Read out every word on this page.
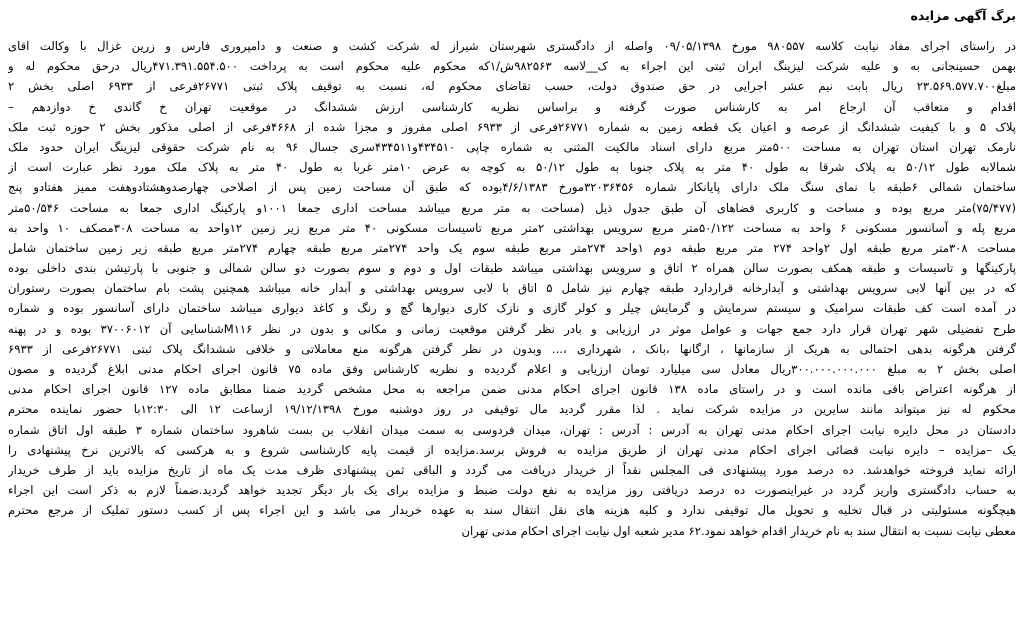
برگ آگهی مزایده
در راستای اجرای مفاد نیابت کلاسه ۹۸۰۵۵۷ مورخ ۰۹/۰۵/۱۳۹۸ واصله از دادگستری شهرستان شیراز له شرکت کشت و صنعت و دامپروری فارس و زرین غزال با وکالت اقای
بهمن حسینجانی به و علیه شرکت لیزینگ ایران ثبتی این اجراء به ک__لاسه ۹۸۲۵۶۳ش/۱که محکوم علیه محکوم است به پرداخت ۴۷۱.۳۹۱.۵۵۴.۵۰۰ریال درحق محکوم له و
مبلغ۲۳.۵۶۹.۵۷۷.۷۰۰ ریال بابت نیم عشر اجرایی در حق صندوق دولت، حسب تقاضای محکوم له، نسبت به توقیف پلاک ثبتی ۲۶۷۷۱فرعی از ۶۹۳۳ اصلی بخش ۲
اقدام و متعاقب آن ارجاع امر به کارشناس صورت گرفته و براساس نظریه کارشناسی ارزش ششدانگ در موقعیت تهران خ گاندی خ دوازدهم –
پلاک ۵ و با کیفیت ششدانگ از عرصه و اعیان یک قطعه زمین به شماره ۲۶۷۷۱فرعی از ۶۹۳۳ اصلی مفروز و مجزا شده از ۴۶۶۸فرعی از اصلی مذکور بخش ۲ حوزه ثبت ملک
نارمک تهران استان تهران به مساحت ۵۰۰متر مربع دارای اسناد مالکیت المثنی به شماره چاپی ۴۳۴۵۱۰و۴۳۴۵۱۱سری جسال ۹۶ به نام شرکت حقوقی لیزینگ ایران حدود ملک
شمالابه طول ۵۰/۱۲ به پلاک شرقا به طول ۴۰ متر به پلاک جنوبا به طول ۵۰/۱۲ به کوچه به عرض ۱۰متر غربا به طول ۴۰ متر به پلاک ملک مورد نظر عبارت است از
ساختمان شمالی ۶طبقه با نمای سنگ ملک دارای پایانکار شماره ۳۲۰۳۶۴۵۶مورخ ۴/۶/۱۳۸۳بوده که طبق آن مساحت زمین پس از اصلاحی چهارصدوهشتادوهفت ممیز هفتادو پنج
(۷۵/۴۷۷)متر مربع بوده و مساحت و کاربری فضاهای آن طبق جدول ذیل (مساحت به متر مربع میباشد مساحت اداری جمعا ۱۰۰۱و پارکینگ اداری جمعا به مساحت ۵۰/۵۴۶متر
مربع پله و آسانسور مسکونی ۶ واحد به مساحت ۵۰/۱۲۲متر مربع سرویس بهداشتی ۲متر مربع تاسیسات مسکونی ۴۰ متر مربع زیر زمین ۱۲واحد به مساحت ۳۰۸مصکف ۱۰ واحد به
مساحت ۳۰۸متر مربع طبقه اول ۲واحد ۲۷۴ متر مربع طبقه دوم ۱واحد ۲۷۴متر مربع طبقه سوم یک واحد ۲۷۴متر مربع طبقه چهارم ۲۷۴متر مربع طبقه زیر زمین ساختمان شامل
پارکینگها و تاسیسات و طبقه همکف بصورت سالن همراه ۲ اتاق و سرویس بهداشتی میباشد طبقات اول و دوم و سوم بصورت دو سالن شمالی و جنوبی با پارتیشن بندی داخلی بوده
که در بین آنها لابی سرویس بهداشتی و آبدارخانه قراردارد طبقه چهارم نیز شامل ۵ اتاق با لابی سرویس بهداشتی و آبدار خانه میباشد همچنین پشت بام ساختمان بصورت رستوران
در آمده است کف طبقات سرامیک و سیستم سرمایش و گرمایش چیلر و کولر گازی و نازک کاری دیوارها گچ و رنگ و کاغذ دیواری میباشد ساختمان دارای آسانسور بوده و شماره
طرح تفضیلی شهر تهران قرار دارد جمع جهات و عوامل موثر در ارزیابی و بادر نظر گرفتن موقعیت زمانی و مکانی و بدون در نظر M۱۱۶شناسایی آن ۳۷۰۰۶۰۱۲ بوده و در پهنه
گرفتن هرگونه بدهی احتمالی به هریک از سازمانها ، ارگانها ،بانک ، شهرداری ،... وبدون در نظر گرفتن هرگونه منع معاملاتی و خلافی ششدانگ پلاک ثبتی ۲۶۷۷۱فرعی از ۶۹۳۳
اصلی بخش ۲ به مبلغ ۳۰۰.۰۰۰.۰۰۰.۰۰۰ریال معادل سی میلیارد تومان ارزیابی و اعلام گردیده و نظریه کارشناس وفق ماده ۷۵ قانون اجرای احکام مدنی ابلاغ گردیده و مصون
از هرگونه اعتراض باقی مانده است و در راستای ماده ۱۳۸ قانون اجرای احکام مدنی ضمن مراجعه به محل مشخص گردید ضمنا مطابق ماده ۱۲۷ قانون اجرای احکام مدنی
محکوم له نیز میتواند مانند سایرین در مزایده شرکت نماید . لذا مقرر گردید مال توقیفی در روز دوشنبه مورخ ۱۹/۱۲/۱۳۹۸ ازساعت ۱۲ الی ۱۲:۳۰با حضور نماینده محترم
دادستان در محل دایره نیابت اجرای احکام مدنی تهران به آدرس : آدرس : تهران، میدان فردوسی به سمت میدان انقلاب بن بست شاهرود ساختمان شماره ۳ طبقه اول اتاق شماره
یک –مزایده – دایره نیابت قضائی اجرای احکام مدنی تهران از طریق مزایده به فروش برسد.مزایده از قیمت پایه کارشناسی شروع و به هرکسی که بالاترین نرخ پیشنهادی را
ارائه نماید فروخته خواهدشد. ده درصد مورد پیشنهادی فی المجلس نقداً از خریدار دریافت می گردد و الباقی ثمن پیشنهادی ظرف مدت یک ماه از تاریخ مزایده باید از طرف خریدار
به حساب دادگستری واریز گردد در غیراینصورت ده درصد دریافتی روز مزایده به نفع دولت ضبط و مزایده برای یک بار دیگر تجدید خواهد گردید.ضمناً لازم به ذکر است این اجراء
هیچگونه مسئولیتی در قبال تخلیه و تحویل مال توقیفی ندارد و کلیه هزینه های نقل انتقال سند به عهده خریدار می باشد و این اجراء پس از کسب دستور تملیک از مرجع محترم
معطی نیابت نسبت به انتقال سند به نام خریدار اقدام خواهد نمود.۶۲ مدیر شعبه اول نیابت اجرای احکام مدنی تهران
